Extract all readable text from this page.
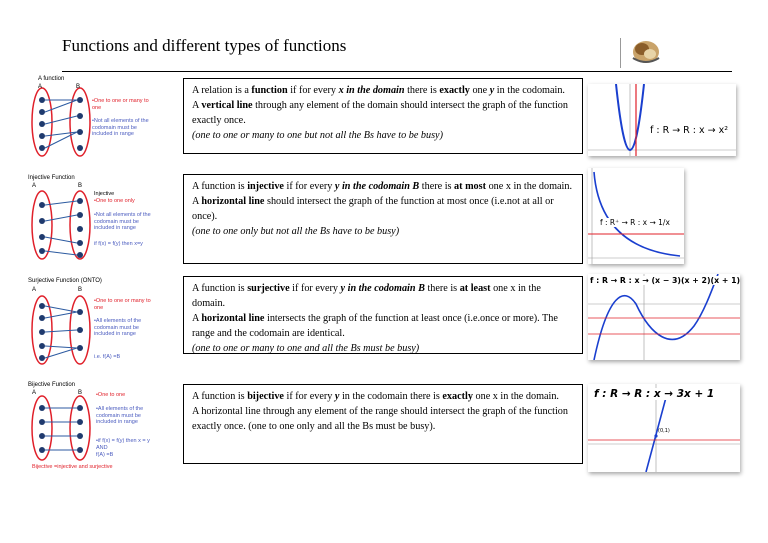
Functions and different types of functions
A function
A	B
•One to one or many to one
•Not all elements of the codomain must be included in range

A relation is a function if for every x in the domain there is exactly one y in the codomain.

A vertical line through any element of the domain should intersect the graph of the function exactly once.

(one to one or many to one but not all the Bs have to be busy)	f : R → R : x → x²
Injective Function
A	B
Injective
•One to one only
•Not all elements of the codomain must be included in range
if f(x) = f(y) then x=y

A function is injective if for every y in the codomain B there is at most one x in the domain.

A horizontal line should intersect the graph of the function at most once (i.e.not at all or once).

(one to one only but not all the Bs have to be busy)

f : R⁺ → R : x → 1/x
Surjective Function (ONTO)
A	B
•One to one or many to one
•All elements of the codomain must be included in range
i.e. f(A) =B

A function is surjective if for every y in the codomain B there is at least one x in the domain.

A horizontal line intersects the graph of the function at least once (i.e.once or more). The range and the codomain are identical.

(one to one or many to one and all the Bs must be busy)

f : R → R : x → (x − 3)(x + 2)(x + 1)
Bijective Function
A	B	•One to one
•All elements of the codomain must be included in range
•if f(x) = f(y) then x = y AND
f(A) =B
Bijective =injective and surjective

A function is bijective if for every y in the codomain there is exactly one x in the domain.

A horizontal line through any element of the range should intersect the graph of the function exactly once. (one to one only and all the Bs must be busy).

f : R → R : x → 3x + 1
(0,1)
